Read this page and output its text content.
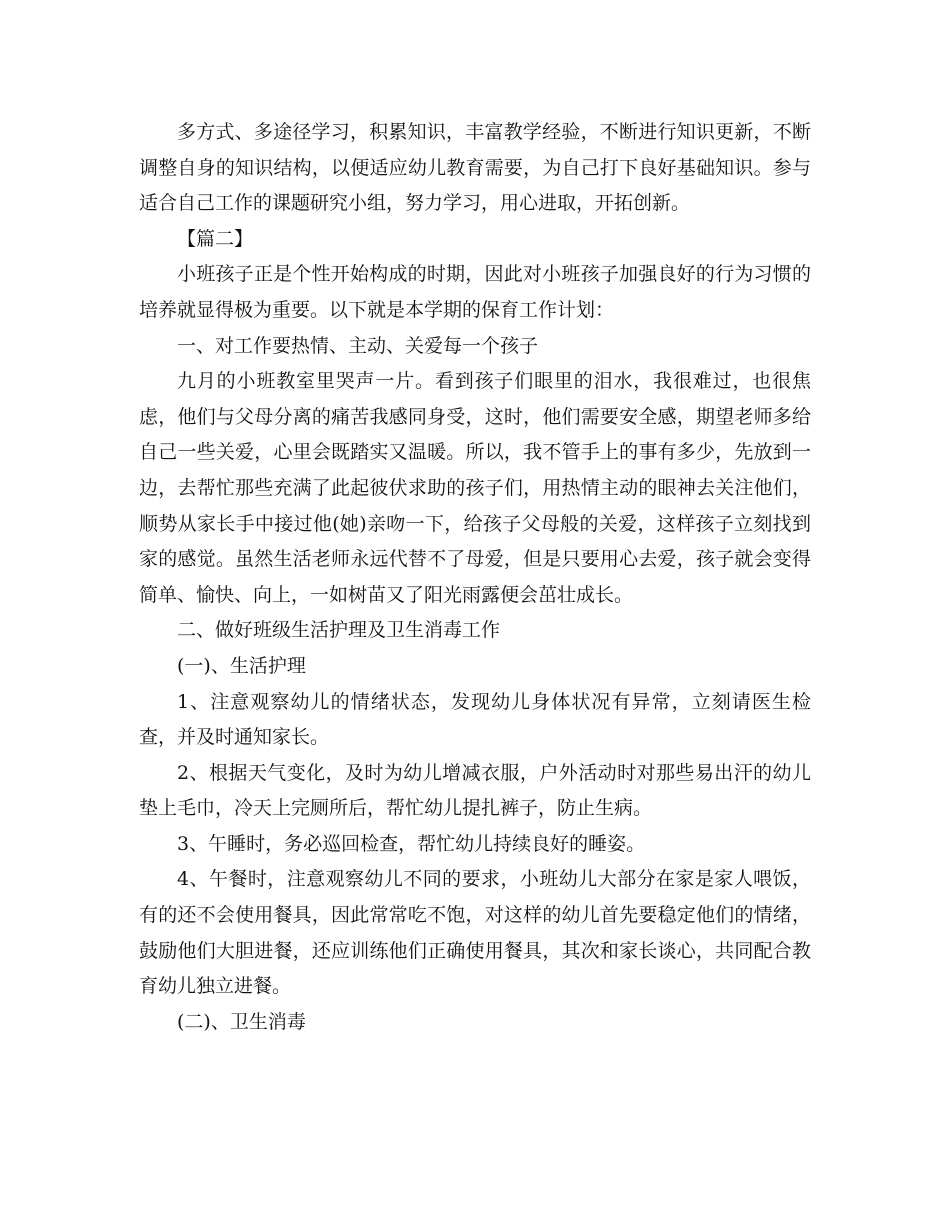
多方式、多途径学习，积累知识，丰富教学经验，不断进行知识更新，不断调整自身的知识结构，以便适应幼儿教育需要，为自己打下良好基础知识。参与适合自己工作的课题研究小组，努力学习，用心进取，开拓创新。

【篇二】

小班孩子正是个性开始构成的时期，因此对小班孩子加强良好的行为习惯的培养就显得极为重要。以下就是本学期的保育工作计划：

一、对工作要热情、主动、关爱每一个孩子

九月的小班教室里哭声一片。看到孩子们眼里的泪水，我很难过，也很焦虑，他们与父母分离的痛苦我感同身受，这时，他们需要安全感，期望老师多给自己一些关爱，心里会既踏实又温暖。所以，我不管手上的事有多少，先放到一边，去帮忙那些充满了此起彼伏求助的孩子们，用热情主动的眼神去关注他们，顺势从家长手中接过他(她)亲吻一下，给孩子父母般的关爱，这样孩子立刻找到家的感觉。虽然生活老师永远代替不了母爱，但是只要用心去爱，孩子就会变得简单、愉快、向上，一如树苗又了阳光雨露便会茁壮成长。

二、做好班级生活护理及卫生消毒工作

(一)、生活护理

1、注意观察幼儿的情绪状态，发现幼儿身体状况有异常，立刻请医生检查，并及时通知家长。

2、根据天气变化，及时为幼儿增减衣服，户外活动时对那些易出汗的幼儿垫上毛巾，冷天上完厕所后，帮忙幼儿提扎裤子，防止生病。

3、午睡时，务必巡回检查，帮忙幼儿持续良好的睡姿。

4、午餐时，注意观察幼儿不同的要求，小班幼儿大部分在家是家人喂饭，有的还不会使用餐具，因此常常吃不饱，对这样的幼儿首先要稳定他们的情绪，鼓励他们大胆进餐，还应训练他们正确使用餐具，其次和家长谈心，共同配合教育幼儿独立进餐。

(二)、卫生消毒
